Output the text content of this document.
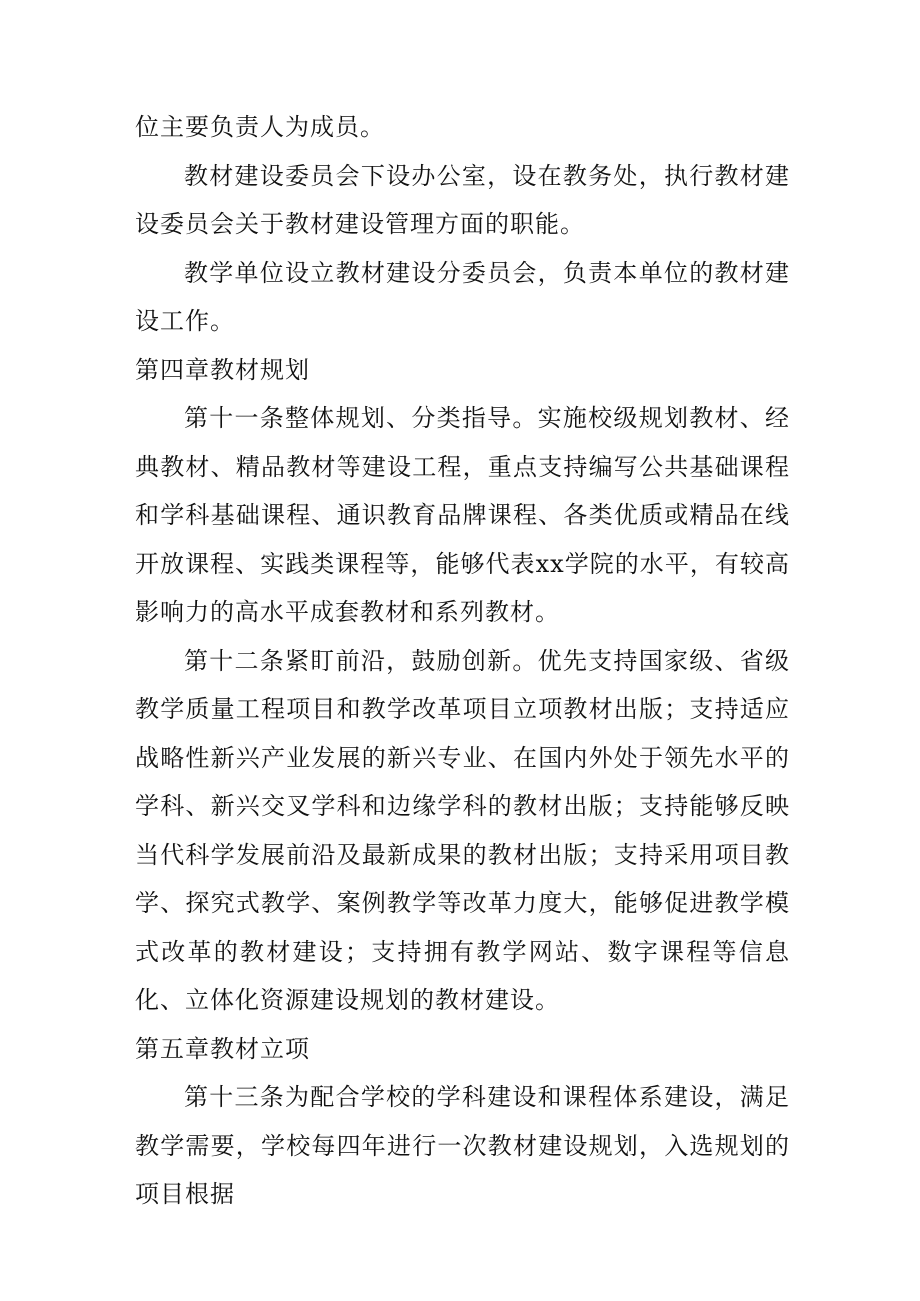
位主要负责人为成员。

教材建设委员会下设办公室，设在教务处，执行教材建设委员会关于教材建设管理方面的职能。

教学单位设立教材建设分委员会，负责本单位的教材建设工作。

第四章教材规划

第十一条整体规划、分类指导。实施校级规划教材、经典教材、精品教材等建设工程，重点支持编写公共基础课程和学科基础课程、通识教育品牌课程、各类优质或精品在线开放课程、实践类课程等，能够代表xx学院的水平，有较高影响力的高水平成套教材和系列教材。

第十二条紧盯前沿，鼓励创新。优先支持国家级、省级教学质量工程项目和教学改革项目立项教材出版；支持适应战略性新兴产业发展的新兴专业、在国内外处于领先水平的学科、新兴交叉学科和边缘学科的教材出版；支持能够反映当代科学发展前沿及最新成果的教材出版；支持采用项目教学、探究式教学、案例教学等改革力度大，能够促进教学模式改革的教材建设；支持拥有教学网站、数字课程等信息化、立体化资源建设规划的教材建设。

第五章教材立项

第十三条为配合学校的学科建设和课程体系建设，满足教学需要，学校每四年进行一次教材建设规划，入选规划的项目根据
